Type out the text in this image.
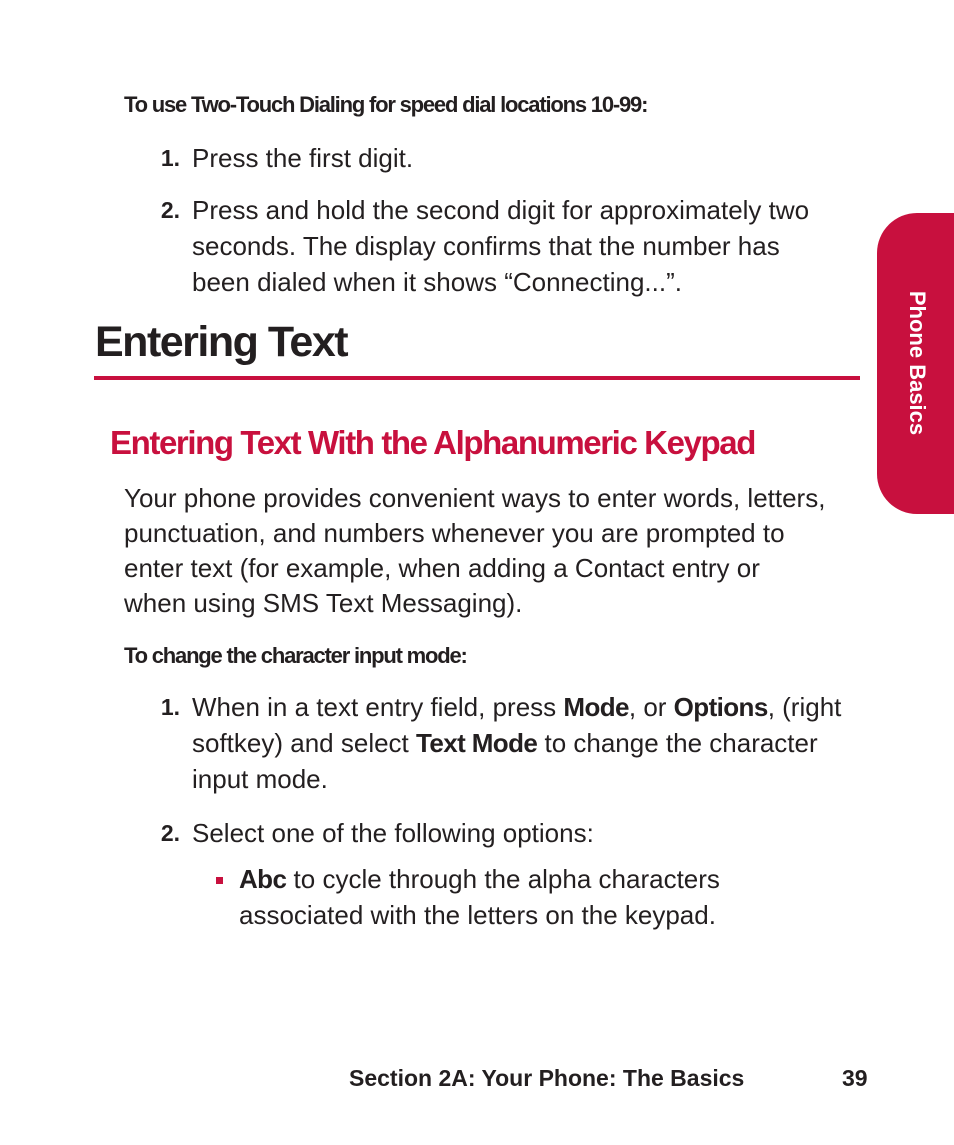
Phone Basics
To use Two-Touch Dialing for speed dial locations 10-99:
1. Press the first digit.
2. Press and hold the second digit for approximately two
seconds. The display confirms that the number has
been dialed when it shows “Connecting...”.
Entering Text
Entering Text With the Alphanumeric Keypad
Your phone provides convenient ways to enter words, letters,
punctuation, and numbers whenever you are prompted to
enter text (for example, when adding a Contact entry or
when using SMS Text Messaging).
To change the character input mode:
1. When in a text entry field, press Mode, or Options, (right
softkey) and select Text Mode to change the character
input mode.
2. Select one of the following options:
Abc to cycle through the alpha characters
associated with the letters on the keypad.
Section 2A: Your Phone: The Basics	39
